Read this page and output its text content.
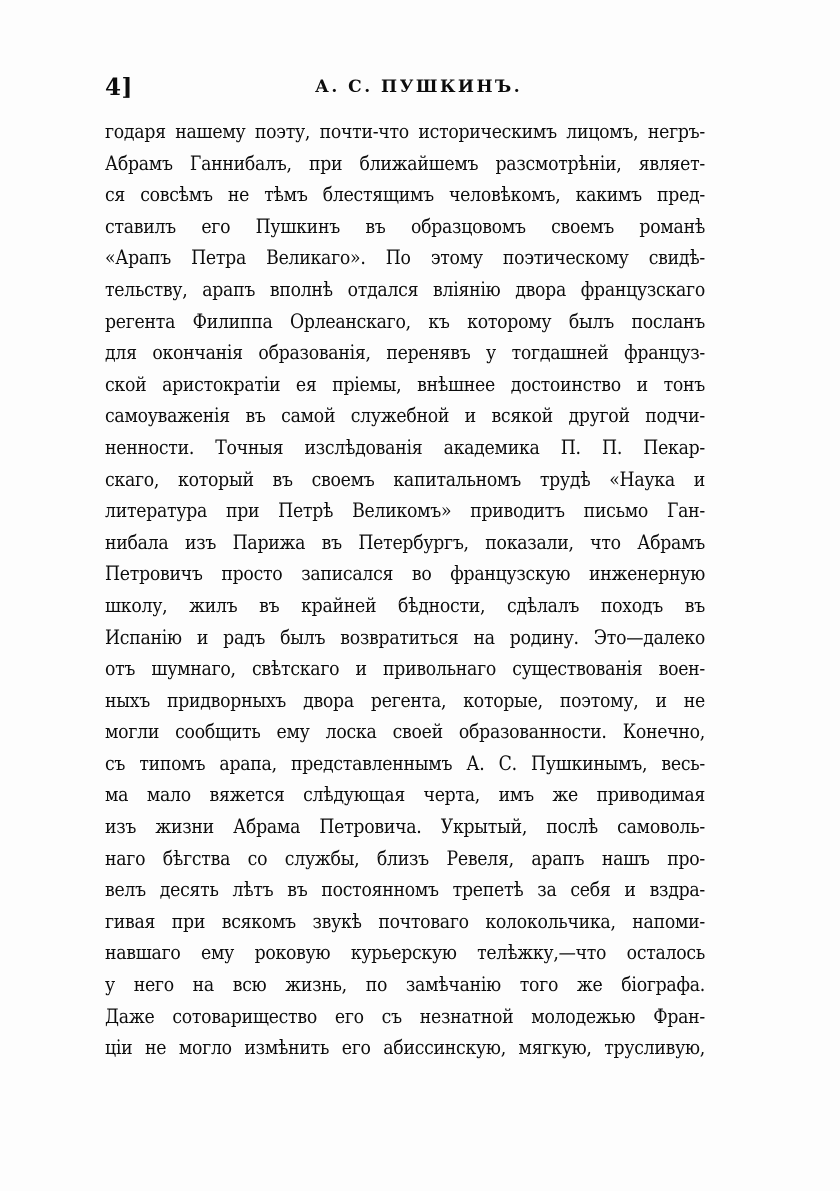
4]	А. С. ПУШКИНЪ.
годаря нашему поэту, почти-что историческимъ лицомъ, негръ-
Абрамъ Ганнибалъ, при ближайшемъ разсмотрѣніи, являет-
ся совсѣмъ не тѣмъ блестящимъ человѣкомъ, какимъ пред-
ставилъ его Пушкинъ въ образцовомъ своемъ романѣ
«Арапъ Петра Великаго». По этому поэтическому свидѣ-
тельству, арапъ вполнѣ отдался вліянію двора французскаго
регента Филиппа Орлеанскаго, къ которому былъ посланъ
для окончанія образованія, перенявъ у тогдашней француз-
ской аристократіи ея пріемы, внѣшнее достоинство и тонъ
самоуваженія въ самой служебной и всякой другой подчи-
ненности. Точныя изслѣдованія академика П. П. Пекар-
скаго, который въ своемъ капитальномъ трудѣ «Наука и
литература при Петрѣ Великомъ» приводитъ письмо Ган-
нибала изъ Парижа въ Петербургъ, показали, что Абрамъ
Петровичъ просто записался во французскую инженерную
школу, жилъ въ крайней бѣдности, сдѣлалъ походъ въ
Испанію и радъ былъ возвратиться на родину. Это—далеко
отъ шумнаго, свѣтскаго и привольнаго существованія воен-
ныхъ придворныхъ двора регента, которые, поэтому, и не
могли сообщить ему лоска своей образованности. Конечно,
съ типомъ арапа, представленнымъ А. С. Пушкинымъ, весь-
ма мало вяжется слѣдующая черта, имъ же приводимая
изъ жизни Абрама Петровича. Укрытый, послѣ самоволь-
наго бѣгства со службы, близъ Ревеля, арапъ нашъ про-
велъ десять лѣтъ въ постоянномъ трепетѣ за себя и вздра-
гивая при всякомъ звукѣ почтоваго колокольчика, напоми-
навшаго ему роковую курьерскую телѣжку,—что осталось
у него на всю жизнь, по замѣчанію того же біографа.
Даже сотоварищество его съ незнатной молодежью Фран-
ціи не могло измѣнить его абиссинскую, мягкую, трусливую,
